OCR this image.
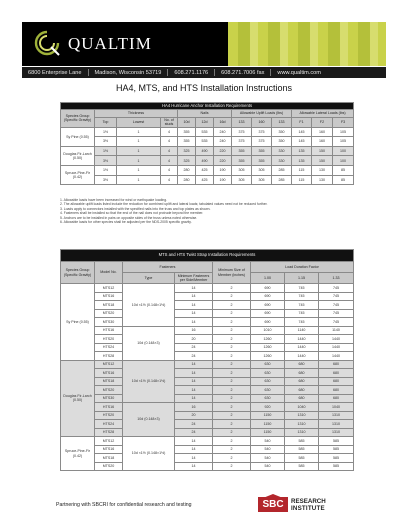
QUALTIM
6800 Enterprise Lane	Madison, Wisconsin 53719	608.271.1176	608.271.7006 fax	www.qualtim.com
HA4, MTS, and HTS Installation Instructions
HA4 Hurricane Anchor Installation Requirements												
Species Group (Specific Gravity)	Thickness			Nails			Allowable Uplift Loads (lbs)			Allowable Lateral Loads (lbs)		
	Top	Lowest	No. of studs	10d	12d	16d	133	160	133	F1	F2	F3
Sy Pine (0.55)	1½	1	4	355	535	240	375	375	350	145	160	105
	3½	1	4	355	535	240	375	375	350	145	160	105
Douglas Fir-Larch (0.50)	1½	1	4	325	490	220	355	355	330	135	150	100
	3½	1	4	325	490	220	355	355	330	135	150	100
Spruce-Pine-Fir (0.42)	1½	1	4	280	425	190	305	305	285	115	130	85
	3½	1	4	280	425	190	305	305	285	115	130	85
1. Allowable loads have been increased for wind or earthquake loading.
2. The allowable uplift loads listed include the reduction for combined uplift and lateral loads; tabulated values need not be reduced further.
3. Loads apply to connectors installed with the specified nails into the truss and top plates as shown.
4. Fasteners shall be installed so that the end of the nail does not protrude beyond the member.
5. Anchors are to be installed in pairs on opposite sides of the truss unless noted otherwise.
6. Allowable loads for other species shall be adjusted per the NDS-2005 specific gravity.
MTS and HTS Twist Strap Installation Requirements							
Species Group (Specific Gravity)	Model No.	Fasteners		Minimum Size of Member (inches)	Load Duration Factor		
		Type	Minimum Fasteners per Side/Member		1.00	1.15	1.33
Sy Pine (0.55)	MTS12	10d ×1½ (0.148×1½)	14	2	690	745	745
	MTS16		14	2	690	745	745
	MTS18		14	2	690	745	745
	MTS20		14	2	690	745	745
	MTS30		14	2	690	745	745
	HTS16	10d (0.148×3)	16	2	1010	1140	1140
	HTS20		20	2	1260	1440	1440
	HTS24		24	2	1260	1440	1440
	HTS28		24	2	1260	1440	1440
Douglas Fir-Larch (0.50)	MTS12	10d ×1½ (0.148×1½)	14	2	630	680	680
	MTS16		14	2	630	680	680
	MTS18		14	2	630	680	680
	MTS20		14	2	630	680	680
	MTS30		14	2	630	680	680
	HTS16	10d (0.148×3)	16	2	920	1040	1040
	HTS20		20	2	1150	1310	1310
	HTS24		24	2	1150	1310	1310
	HTS28		24	2	1150	1310	1310
Spruce-Pine-Fir (0.42)	MTS12	10d ×1½ (0.148×1½)	14	2	540	585	585
	MTS16		14	2	540	585	585
	MTS18		14	2	540	585	585
	MTS20		14	2	540	585	585
Partnering with SBCRI for confidential research and testing	SBC	RESEARCH
INSTITUTE
